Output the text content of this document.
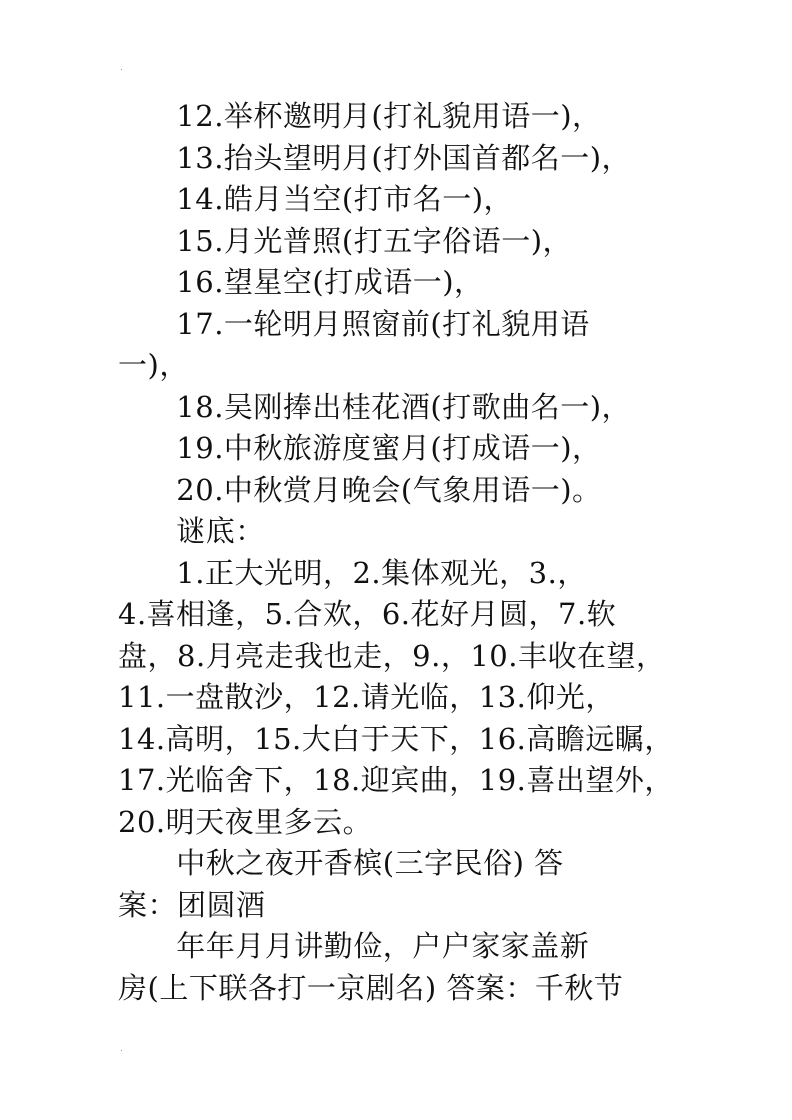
12.举杯邀明月(打礼貌用语一)，

13.抬头望明月(打外国首都名一)，

14.皓月当空(打市名一)，

15.月光普照(打五字俗语一)，

16.望星空(打成语一)，

17.一轮明月照窗前(打礼貌用语

一)，

18.吴刚捧出桂花酒(打歌曲名一)，

19.中秋旅游度蜜月(打成语一)，

20.中秋赏月晚会(气象用语一)。

谜底：

1.正大光明，2.集体观光，3.，

4.喜相逢，5.合欢，6.花好月圆，7.软

盘，8.月亮走我也走，9.，10.丰收在望，

11.一盘散沙，12.请光临，13.仰光，

14.高明，15.大白于天下，16.高瞻远瞩，

17.光临舍下，18.迎宾曲，19.喜出望外，

20.明天夜里多云。

中秋之夜开香槟(三字民俗) 答

案：团圆酒

年年月月讲勤俭，户户家家盖新

房(上下联各打一京剧名) 答案：千秋节
